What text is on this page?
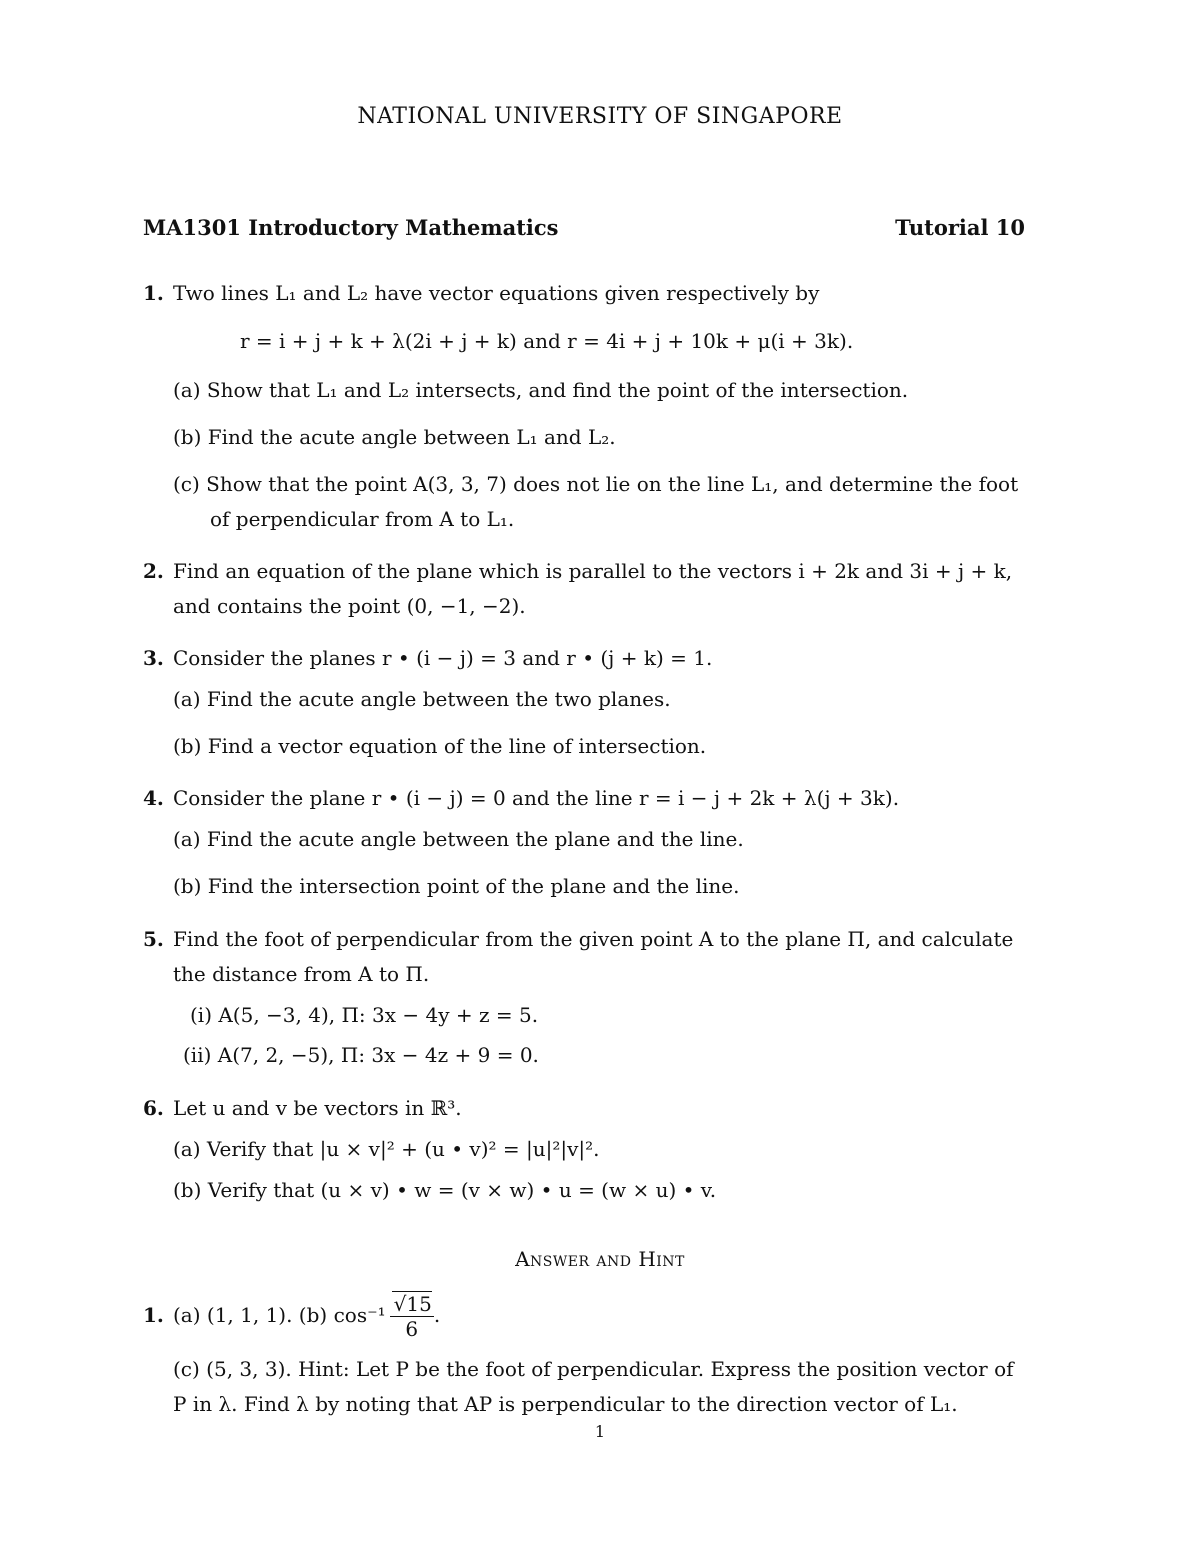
NATIONAL UNIVERSITY OF SINGAPORE
MA1301 Introductory Mathematics	Tutorial 10
1. Two lines L₁ and L₂ have vector equations given respectively by
r = i + j + k + λ(2i + j + k) and r = 4i + j + 10k + μ(i + 3k).
(a) Show that L₁ and L₂ intersects, and find the point of the intersection.
(b) Find the acute angle between L₁ and L₂.
(c) Show that the point A(3, 3, 7) does not lie on the line L₁, and determine the foot
of perpendicular from A to L₁.
2. Find an equation of the plane which is parallel to the vectors i + 2k and 3i + j + k,
and contains the point (0, −1, −2).
3. Consider the planes r • (i − j) = 3 and r • (j + k) = 1.
(a) Find the acute angle between the two planes.
(b) Find a vector equation of the line of intersection.
4. Consider the plane r • (i − j) = 0 and the line r = i − j + 2k + λ(j + 3k).
(a) Find the acute angle between the plane and the line.
(b) Find the intersection point of the plane and the line.
5. Find the foot of perpendicular from the given point A to the plane Π, and calculate
the distance from A to Π.
(i) A(5, −3, 4), Π: 3x − 4y + z = 5.
(ii) A(7, 2, −5), Π: 3x − 4z + 9 = 0.
6. Let u and v be vectors in ℝ³.
(a) Verify that |u × v|² + (u • v)² = |u|²|v|².
(b) Verify that (u × v) • w = (v × w) • u = (w × u) • v.
Answer and Hint
1. (a) (1, 1, 1). (b) $\cos^{-1} \frac{√15}{6}$ .
(c) (5, 3, 3). Hint: Let P be the foot of perpendicular. Express the position vector of
P in λ. Find λ by noting that AP is perpendicular to the direction vector of L₁.
1
